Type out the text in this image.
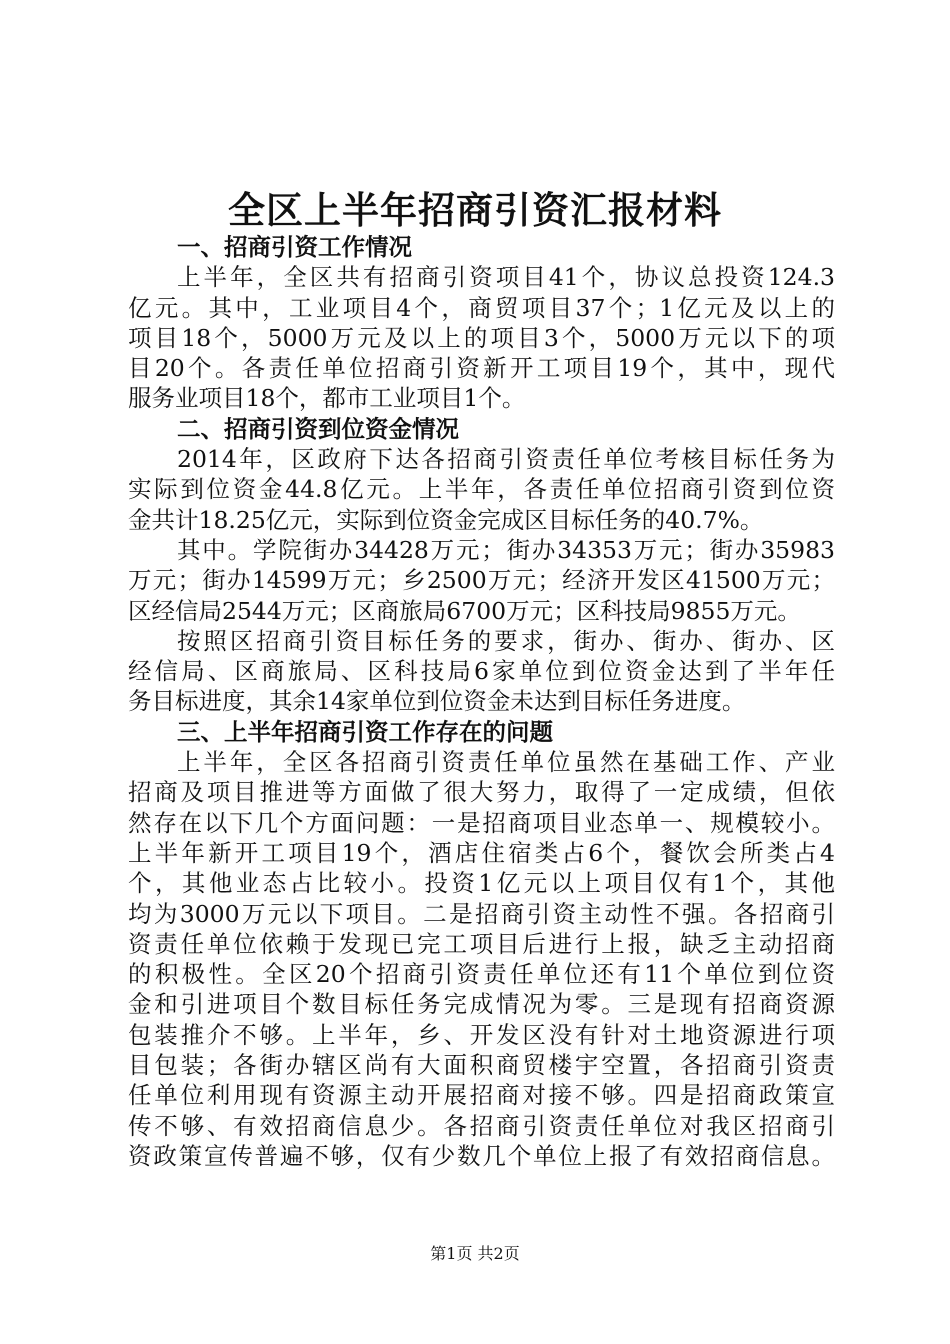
全区上半年招商引资汇报材料
一、招商引资工作情况
上半年，全区共有招商引资项目41个，协议总投资124.3
亿元。其中，工业项目4个，商贸项目37个；1亿元及以上的
项目18个，5000万元及以上的项目3个，5000万元以下的项
目20个。各责任单位招商引资新开工项目19个，其中，现代
服务业项目18个，都市工业项目1个。
二、招商引资到位资金情况
2014年，区政府下达各招商引资责任单位考核目标任务为
实际到位资金44.8亿元。上半年，各责任单位招商引资到位资
金共计18.25亿元，实际到位资金完成区目标任务的40.7%。
其中。学院街办34428万元；街办34353万元；街办35983
万元；街办14599万元；乡2500万元；经济开发区41500万元；
区经信局2544万元；区商旅局6700万元；区科技局9855万元。
按照区招商引资目标任务的要求，街办、街办、街办、区
经信局、区商旅局、区科技局6家单位到位资金达到了半年任
务目标进度，其余14家单位到位资金未达到目标任务进度。
三、上半年招商引资工作存在的问题
上半年，全区各招商引资责任单位虽然在基础工作、产业
招商及项目推进等方面做了很大努力，取得了一定成绩，但依
然存在以下几个方面问题：一是招商项目业态单一、规模较小。
上半年新开工项目19个，酒店住宿类占6个，餐饮会所类占4
个，其他业态占比较小。投资1亿元以上项目仅有1个，其他
均为3000万元以下项目。二是招商引资主动性不强。各招商引
资责任单位依赖于发现已完工项目后进行上报，缺乏主动招商
的积极性。全区20个招商引资责任单位还有11个单位到位资
金和引进项目个数目标任务完成情况为零。三是现有招商资源
包装推介不够。上半年，乡、开发区没有针对土地资源进行项
目包装；各街办辖区尚有大面积商贸楼宇空置，各招商引资责
任单位利用现有资源主动开展招商对接不够。四是招商政策宣
传不够、有效招商信息少。各招商引资责任单位对我区招商引
资政策宣传普遍不够，仅有少数几个单位上报了有效招商信息。
第1页 共2页
